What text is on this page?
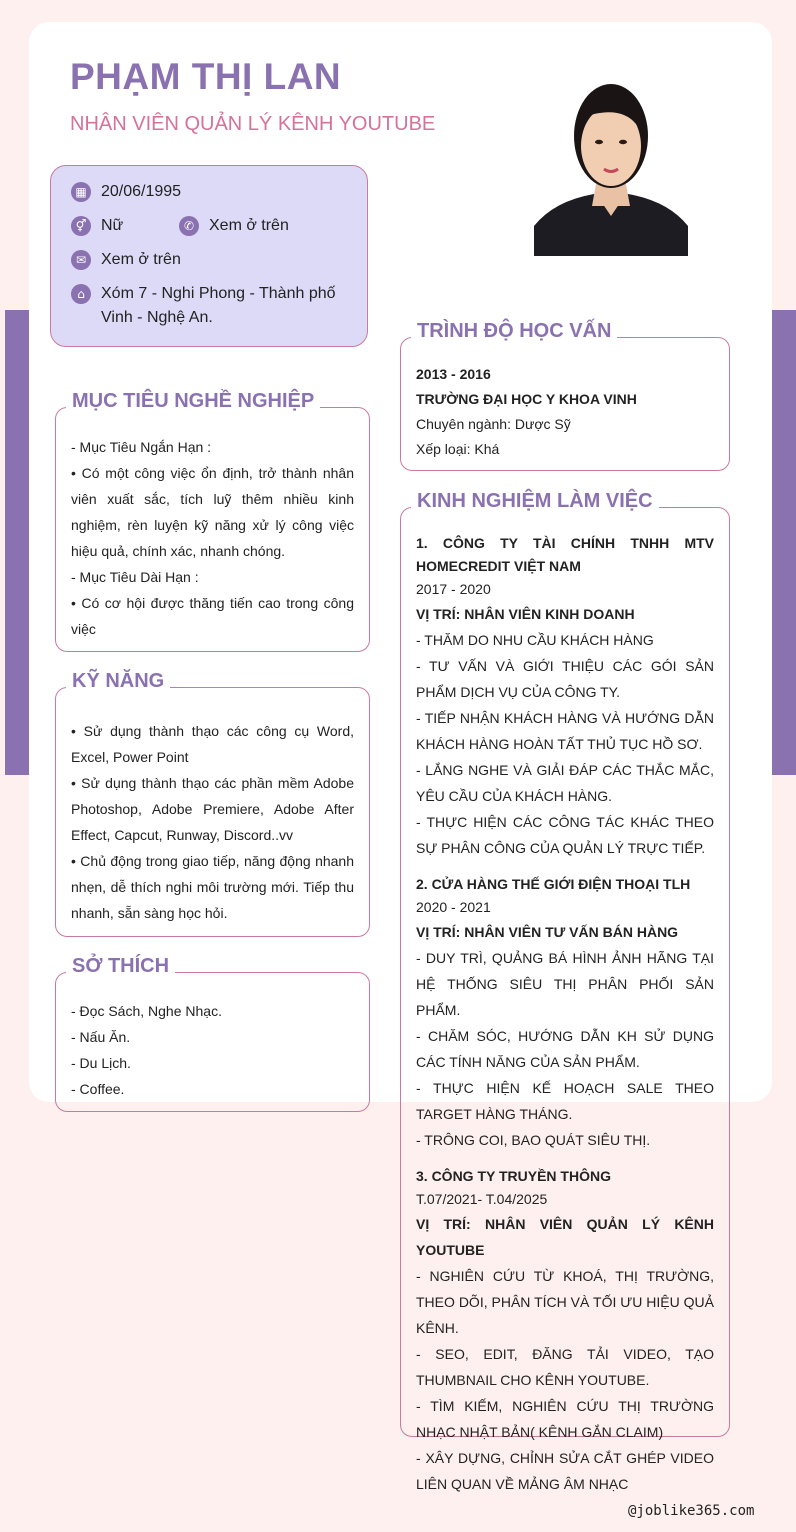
PHẠM THỊ LAN
NHÂN VIÊN QUẢN LÝ KÊNH YOUTUBE
▦ 20/06/1995
⚥ Nữ	✆ Xem ở trên
✉ Xem ở trên
⌂	Xóm 7 - Nghi Phong - Thành phố Vinh - Nghệ An.
MỤC TIÊU NGHỀ NGHIỆP

- Mục Tiêu Ngắn Hạn :

• Có một công việc ổn định, trở thành nhân viên xuất sắc, tích luỹ thêm nhiều kinh nghiệm, rèn luyện kỹ năng xử lý công việc hiệu quả, chính xác, nhanh chóng.

- Mục Tiêu Dài Hạn :

• Có cơ hội được thăng tiến cao trong công việc

KỸ NĂNG

• Sử dụng thành thạo các công cụ Word, Excel, Power Point

• Sử dụng thành thạo các phần mềm Adobe Photoshop, Adobe Premiere, Adobe After Effect, Capcut, Runway, Discord..vv

• Chủ động trong giao tiếp, năng động nhanh nhẹn, dễ thích nghi môi trường mới. Tiếp thu nhanh, sẵn sàng học hỏi.

SỞ THÍCH

- Đọc Sách, Nghe Nhạc.

- Nấu Ăn.

- Du Lịch.

- Coffee.

TRÌNH ĐỘ HỌC VẤN

2013 - 2016

TRƯỜNG ĐẠI HỌC Y KHOA VINH

Chuyên ngành: Dược Sỹ

Xếp loại: Khá

KINH NGHIỆM LÀM VIỆC

1. CÔNG TY TÀI CHÍNH TNHH MTV HOMECREDIT VIỆT NAM

2017 - 2020

VỊ TRÍ: NHÂN VIÊN KINH DOANH

- THĂM DO NHU CẦU KHÁCH HÀNG

- TƯ VẤN VÀ GIỚI THIỆU CÁC GÓI SẢN PHẨM DỊCH VỤ CỦA CÔNG TY.

- TIẾP NHẬN KHÁCH HÀNG VÀ HƯỚNG DẪN KHÁCH HÀNG HOÀN TẤT THỦ TỤC HỒ SƠ.

- LẮNG NGHE VÀ GIẢI ĐÁP CÁC THẮC MẮC, YÊU CẦU CỦA KHÁCH HÀNG.

- THỰC HIỆN CÁC CÔNG TÁC KHÁC THEO SỰ PHÂN CÔNG CỦA QUẢN LÝ TRỰC TIẾP.

2. CỬA HÀNG THẾ GIỚI ĐIỆN THOẠI TLH

2020 - 2021

VỊ TRÍ: NHÂN VIÊN TƯ VẤN BÁN HÀNG

- DUY TRÌ, QUẢNG BÁ HÌNH ẢNH HÃNG TẠI HỆ THỐNG SIÊU THỊ PHÂN PHỐI SẢN PHẨM.

- CHĂM SÓC, HƯỚNG DẪN KH SỬ DỤNG CÁC TÍNH NĂNG CỦA SẢN PHẨM.

- THỰC HIỆN KẾ HOẠCH SALE THEO TARGET HÀNG THÁNG.

- TRÔNG COI, BAO QUÁT SIÊU THỊ.

3. CÔNG TY TRUYỀN THÔNG

T.07/2021- T.04/2025

VỊ TRÍ: NHÂN VIÊN QUẢN LÝ KÊNH YOUTUBE

- NGHIÊN CỨU TỪ KHOÁ, THỊ TRƯỜNG, THEO DÕI, PHÂN TÍCH VÀ TỐI ƯU HIỆU QUẢ KÊNH.

- SEO, EDIT, ĐĂNG TẢI VIDEO, TẠO THUMBNAIL CHO KÊNH YOUTUBE.

- TÌM KIẾM, NGHIÊN CỨU THỊ TRƯỜNG NHẠC NHẬT BẢN( KÊNH GẮN CLAIM)

- XÂY DỰNG, CHỈNH SỬA CẮT GHÉP VIDEO LIÊN QUAN VỀ MẢNG ÂM NHẠC

@joblike365.com
